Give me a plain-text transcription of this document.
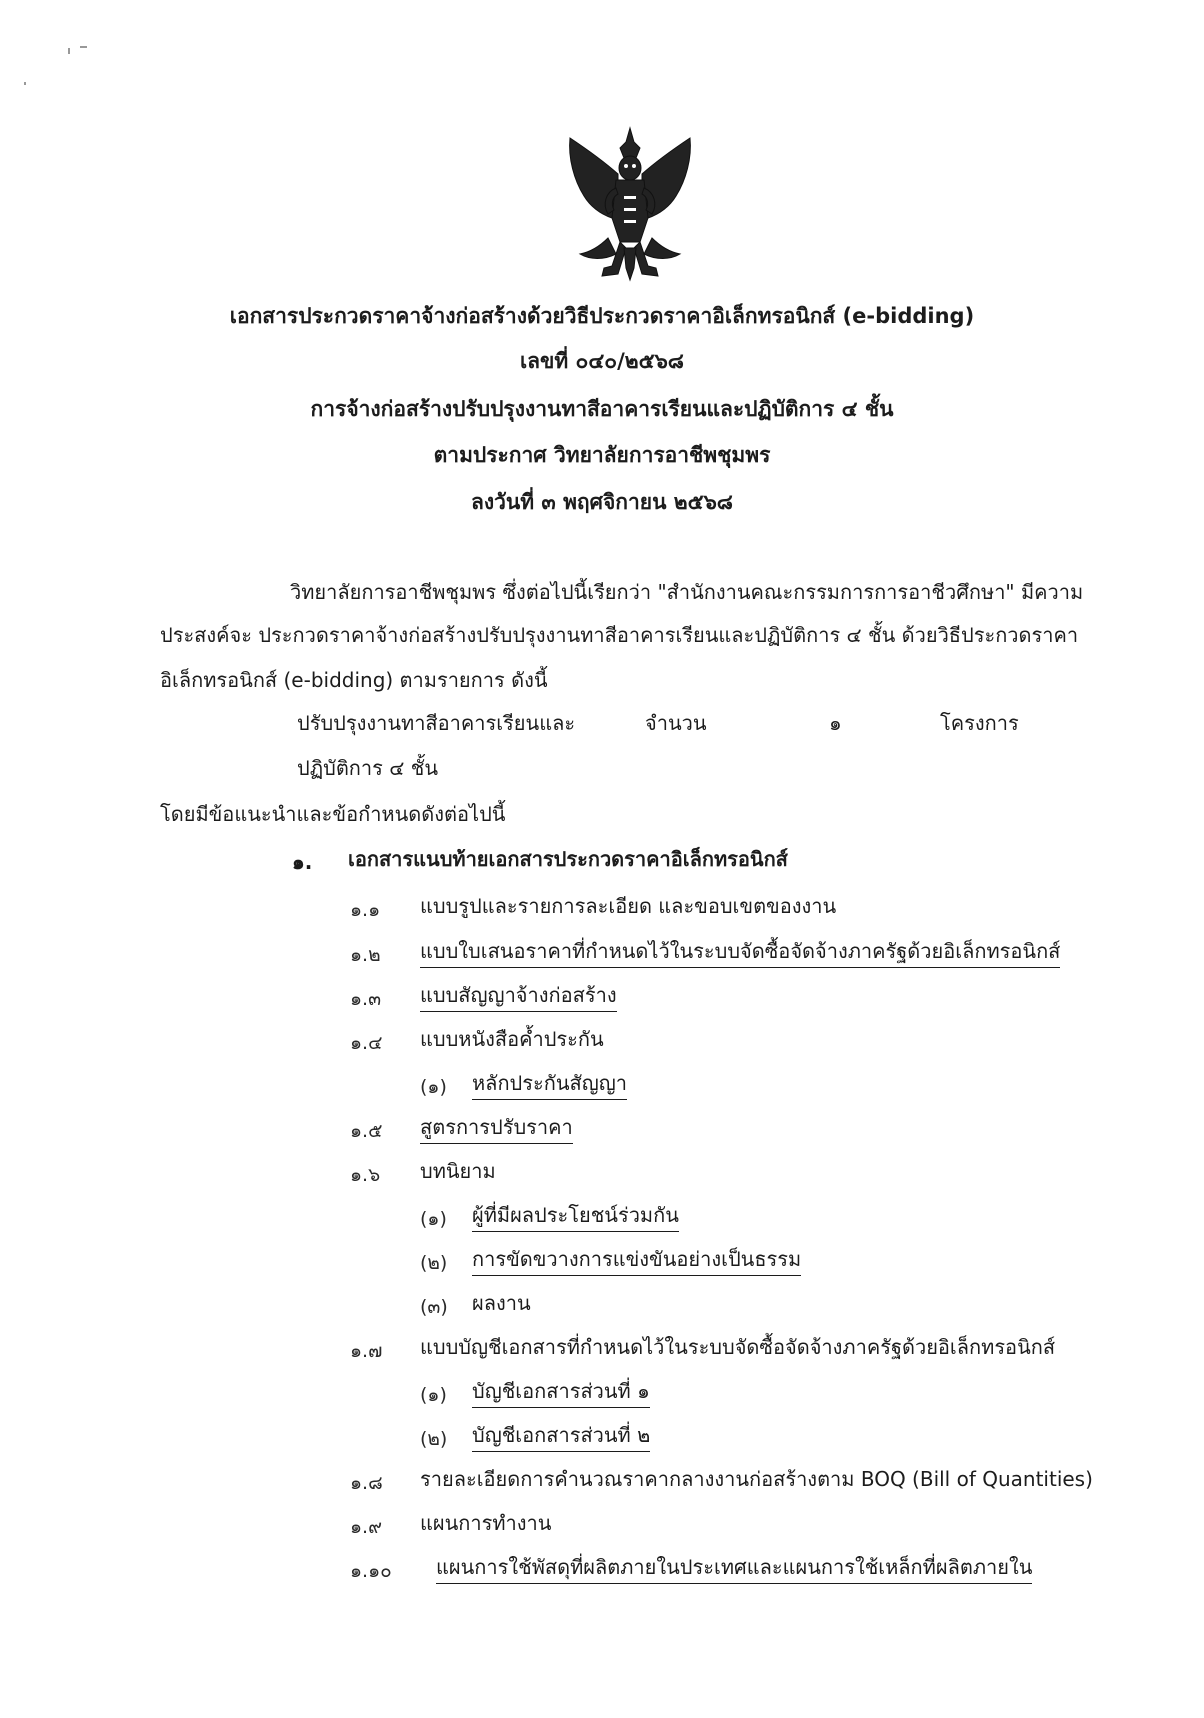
เอกสารประกวดราคาจ้างก่อสร้างด้วยวิธีประกวดราคาอิเล็กทรอนิกส์ (e-bidding)
เลขที่ ๐๔๐/๒๕๖๘
การจ้างก่อสร้างปรับปรุงงานทาสีอาคารเรียนและปฏิบัติการ ๔ ชั้น
ตามประกาศ วิทยาลัยการอาชีพชุมพร
ลงวันที่ ๓ พฤศจิกายน ๒๕๖๘
วิทยาลัยการอาชีพชุมพร ซึ่งต่อไปนี้เรียกว่า "สำนักงานคณะกรรมการการอาชีวศึกษา" มีความ
ประสงค์จะ ประกวดราคาจ้างก่อสร้างปรับปรุงงานทาสีอาคารเรียนและปฏิบัติการ ๔ ชั้น ด้วยวิธีประกวดราคา
อิเล็กทรอนิกส์ (e-bidding) ตามรายการ ดังนี้
ปรับปรุงงานทาสีอาคารเรียนและ	จำนวน	๑	โครงการ
ปฏิบัติการ ๔ ชั้น
โดยมีข้อแนะนำและข้อกำหนดดังต่อไปนี้
๑. เอกสารแนบท้ายเอกสารประกวดราคาอิเล็กทรอนิกส์
๑.๑ แบบรูปและรายการละเอียด และขอบเขตของงาน
๑.๒ แบบใบเสนอราคาที่กำหนดไว้ในระบบจัดซื้อจัดจ้างภาครัฐด้วยอิเล็กทรอนิกส์
๑.๓ แบบสัญญาจ้างก่อสร้าง
๑.๔ แบบหนังสือค้ำประกัน
(๑) หลักประกันสัญญา
๑.๕ สูตรการปรับราคา
๑.๖ บทนิยาม
(๑) ผู้ที่มีผลประโยชน์ร่วมกัน
(๒) การขัดขวางการแข่งขันอย่างเป็นธรรม
(๓) ผลงาน
๑.๗ แบบบัญชีเอกสารที่กำหนดไว้ในระบบจัดซื้อจัดจ้างภาครัฐด้วยอิเล็กทรอนิกส์
(๑) บัญชีเอกสารส่วนที่ ๑
(๒) บัญชีเอกสารส่วนที่ ๒
๑.๘ รายละเอียดการคำนวณราคากลางงานก่อสร้างตาม BOQ (Bill of Quantities)
๑.๙ แผนการทำงาน
๑.๑๐ แผนการใช้พัสดุที่ผลิตภายในประเทศและแผนการใช้เหล็กที่ผลิตภายใน
